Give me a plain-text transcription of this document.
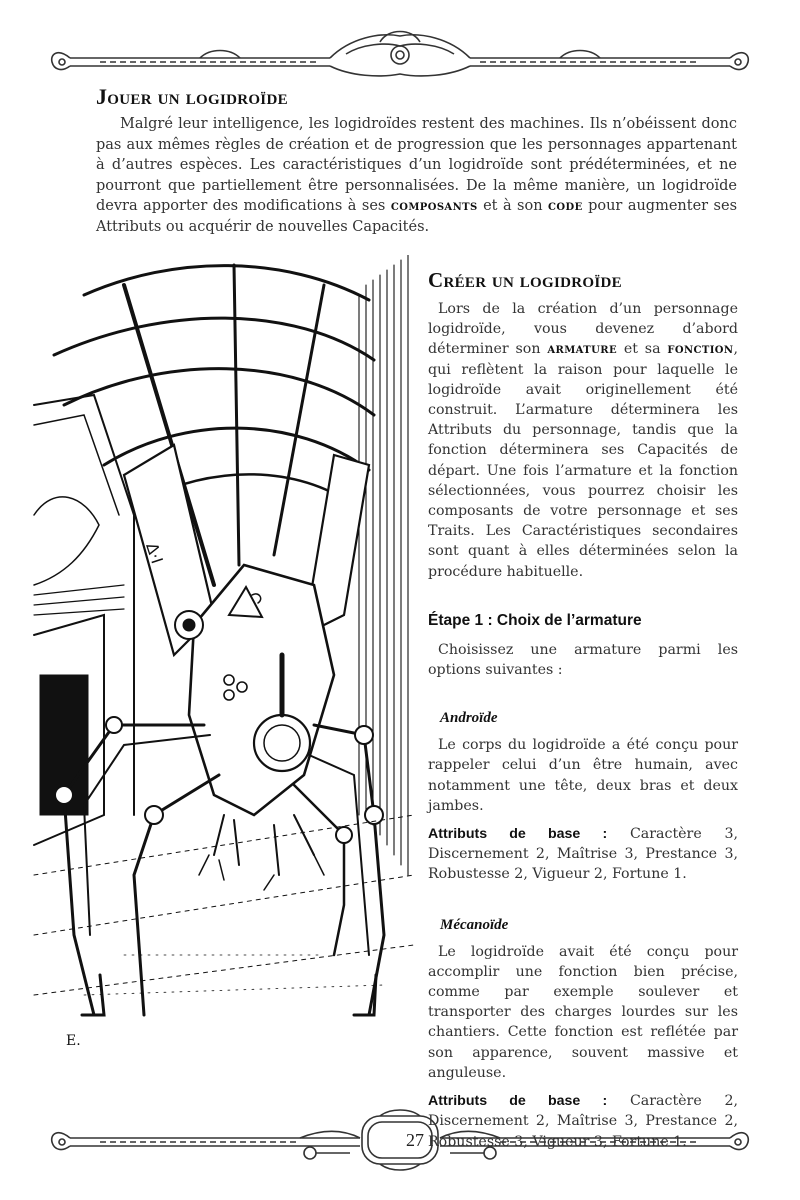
Jouer un logidroïde

Malgré leur intelligence, les logidroïdes restent des machines. Ils n’obéissent donc pas aux mêmes règles de création et de progression que les personnages appartenant à d’autres espèces. Les caractéristiques d’un logidroïde sont prédéterminées, et ne pourront que partiellement être personnalisées. De la même manière, un logidroïde devra apporter des modifications à ses composants et à son code pour augmenter ses Attributs ou acquérir de nouvelles Capacités.

Δ·I
E.
Créer un logidroïde

Lors de la création d’un personnage logidroïde, vous devenez d’abord déterminer son armature et sa fonction, qui reflètent la raison pour laquelle le logidroïde avait originellement été construit. L’armature déterminera les Attributs du personnage, tandis que la fonction déterminera ses Capacités de départ. Une fois l’armature et la fonction sélectionnées, vous pourrez choisir les composants de votre personnage et ses Traits. Les Caractéristiques secondaires sont quant à elles déterminées selon la procédure habituelle.

Étape 1 : Choix de l’armature

Choisissez une armature parmi les options suivantes :

Androïde

Le corps du logidroïde a été conçu pour rappeler celui d’un être humain, avec notamment une tête, deux bras et deux jambes.

Attributs de base : Caractère 3, Discernement 2, Maîtrise 3, Prestance 3, Robustesse 2, Vigueur 2, Fortune 1.

Mécanoïde

Le logidroïde avait été conçu pour accomplir une fonction bien précise, comme par exemple soulever et transporter des charges lourdes sur les chantiers. Cette fonction est reflétée par son apparence, souvent massive et anguleuse.

Attributs de base : Caractère 2, Discernement 2, Maîtrise 3, Prestance 2, Robustesse 3, Vigueur 3, Fortune 1.

27
